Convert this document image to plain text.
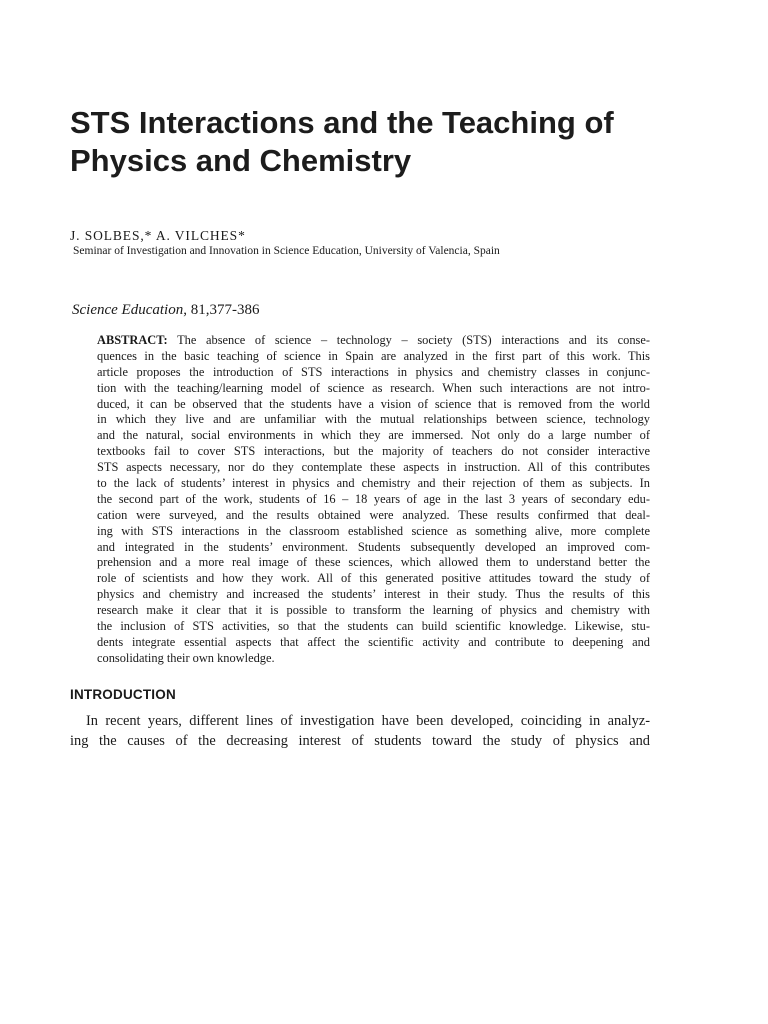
STS Interactions and the Teaching of
Physics and Chemistry
J. SOLBES,* A. VILCHES*
Seminar of Investigation and Innovation in Science Education, University of Valencia, Spain
Science Education, 81,377-386
ABSTRACT: The absence of science – technology – society (STS) interactions and its conse-
quences in the basic teaching of science in Spain are analyzed in the first part of this work. This
article proposes the introduction of STS interactions in physics and chemistry classes in conjunc-
tion with the teaching/learning model of science as research. When such interactions are not intro-
duced, it can be observed that the students have a vision of science that is removed from the world
in which they live and are unfamiliar with the mutual relationships between science, technology
and the natural, social environments in which they are immersed. Not only do a large number of
textbooks fail to cover STS interactions, but the majority of teachers do not consider interactive
STS aspects necessary, nor do they contemplate these aspects in instruction. All of this contributes
to the lack of students’ interest in physics and chemistry and their rejection of them as subjects. In
the second part of the work, students of 16 – 18 years of age in the last 3 years of secondary edu-
cation were surveyed, and the results obtained were analyzed. These results confirmed that deal-
ing with STS interactions in the classroom established science as something alive, more complete
and integrated in the students’ environment. Students subsequently developed an improved com-
prehension and a more real image of these sciences, which allowed them to understand better the
role of scientists and how they work. All of this generated positive attitudes toward the study of
physics and chemistry and increased the students’ interest in their study. Thus the results of this
research make it clear that it is possible to transform the learning of physics and chemistry with
the inclusion of STS activities, so that the students can build scientific knowledge. Likewise, stu-
dents integrate essential aspects that affect the scientific activity and contribute to deepening and
consolidating their own knowledge.
INTRODUCTION
In recent years, different lines of investigation have been developed, coinciding in analyz-
ing the causes of the decreasing interest of students toward the study of physics and
